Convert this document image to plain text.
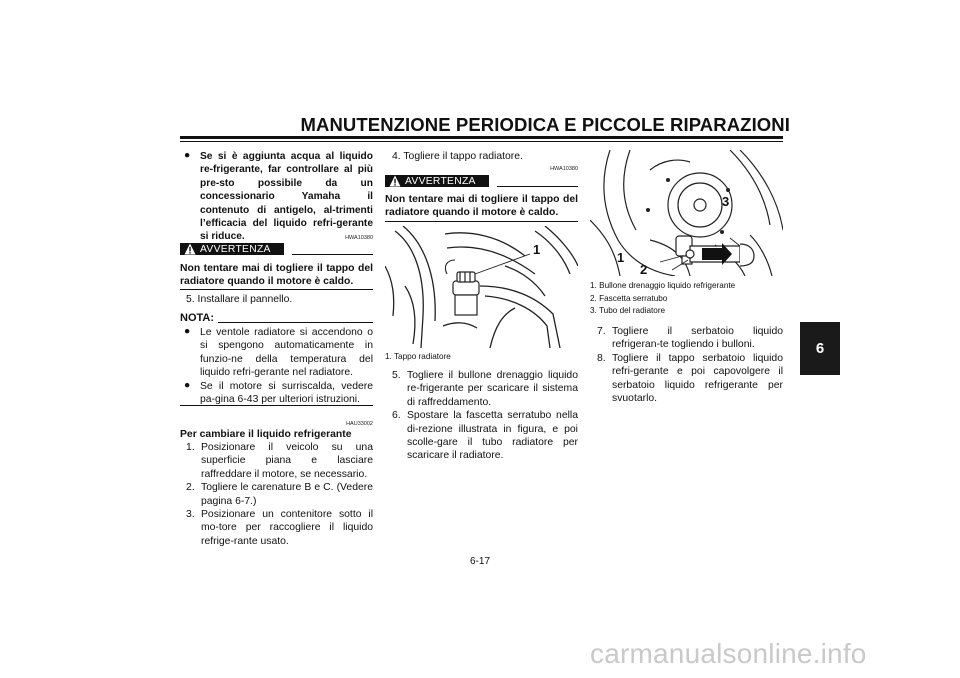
MANUTENZIONE PERIODICA E PICCOLE RIPARAZIONI
6
● Se si è aggiunta acqua al liquido re-frigerante, far controllare al più pre-sto possibile da un concessionario Yamaha il contenuto di antigelo, al-trimenti l’efficacia del liquido refri-gerante si riduce.	HWA10380
AVVERTENZA
Non tentare mai di togliere il tappo del radiatore quando il motore è caldo.
5. Installare il pannello.
NOTA:
● Le ventole radiatore si accendono o si spengono automaticamente in funzio-ne della temperatura del liquido refri-gerante nel radiatore.
● Se il motore si surriscalda, vedere pa-gina 6-43 per ulteriori istruzioni.
HAU33002
Per cambiare il liquido refrigerante
1. Posizionare il veicolo su una superficie piana e lasciare raffreddare il motore, se necessario.
2. Togliere le carenature B e C. (Vedere pagina 6-7.)
3. Posizionare un contenitore sotto il mo-tore per raccogliere il liquido refrige-rante usato.
4. Togliere il tappo radiatore.
HWA10380
AVVERTENZA
Non tentare mai di togliere il tappo del radiatore quando il motore è caldo.
1
1. Tappo radiatore
5. Togliere il bullone drenaggio liquido re-frigerante per scaricare il sistema di raffreddamento.
6. Spostare la fascetta serratubo nella di-rezione illustrata in figura, e poi scolle-gare il tubo radiatore per scaricare il radiatore.
1
2
3
1. Bullone drenaggio liquido refrigerante
2. Fascetta serratubo
3. Tubo del radiatore
7. Togliere il serbatoio liquido refrigeran-te togliendo i bulloni.
8. Togliere il tappo serbatoio liquido refri-gerante e poi capovolgere il serbatoio liquido refrigerante per svuotarlo.
6-17
carmanualsonline.info
